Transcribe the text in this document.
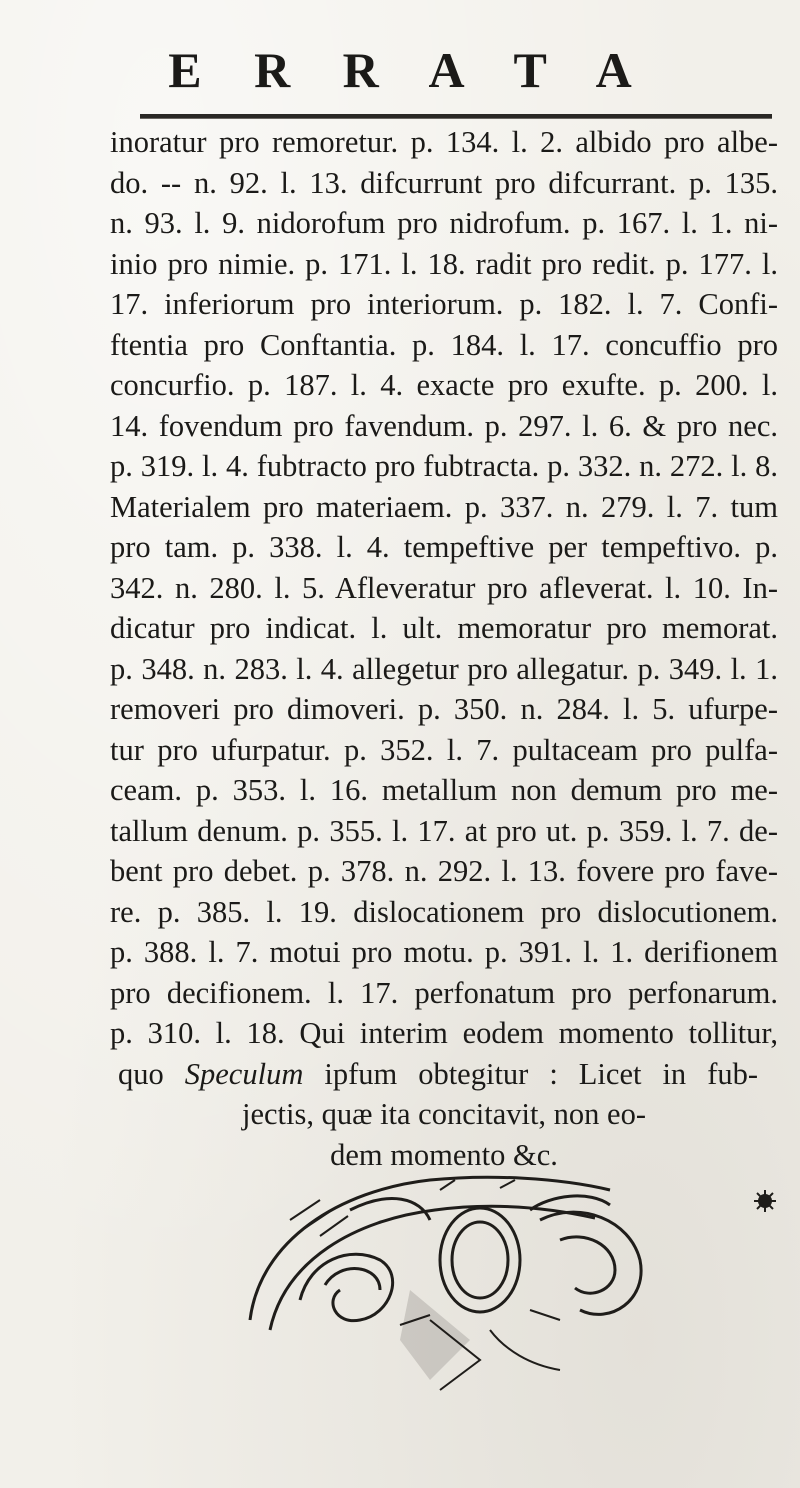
E R R A T A
inoratur pro remoretur. p. 134. l. 2. albido pro albe-
do. -- n. 92. l. 13. difcurrunt pro difcurrant. p. 135.
n. 93. l. 9. nidorofum pro nidrofum. p. 167. l. 1. ni-
inio pro nimie. p. 171. l. 18. radit pro redit. p. 177. l.
17. inferiorum pro interiorum. p. 182. l. 7. Confi-
ftentia pro Conftantia. p. 184. l. 17. concuffio pro
concurfio. p. 187. l. 4. exacte pro exufte. p. 200. l.
14. fovendum pro favendum. p. 297. l. 6. & pro nec.
p. 319. l. 4. fubtracto pro fubtracta. p. 332. n. 272. l. 8.
Materialem pro materiaem. p. 337. n. 279. l. 7. tum
pro tam. p. 338. l. 4. tempeftive per tempeftivo. p.
342. n. 280. l. 5. Afleveratur pro afleverat. l. 10. In-
dicatur pro indicat. l. ult. memoratur pro memorat.
p. 348. n. 283. l. 4. allegetur pro allegatur. p. 349. l. 1.
removeri pro dimoveri. p. 350. n. 284. l. 5. ufurpe-
tur pro ufurpatur. p. 352. l. 7. pultaceam pro pulfa-
ceam. p. 353. l. 16. metallum non demum pro me-
tallum denum. p. 355. l. 17. at pro ut. p. 359. l. 7. de-
bent pro debet. p. 378. n. 292. l. 13. fovere pro fave-
re. p. 385. l. 19. dislocationem pro dislocutionem.
p. 388. l. 7. motui pro motu. p. 391. l. 1. derifionem
pro decifionem. l. 17. perfonatum pro perfonarum.
p. 310. l. 18. Qui interim eodem momento tollitur,
quo Speculum ipfum obtegitur : Licet in fub-
jectis, quæ ita concitavit, non eo-
dem momento &c.
